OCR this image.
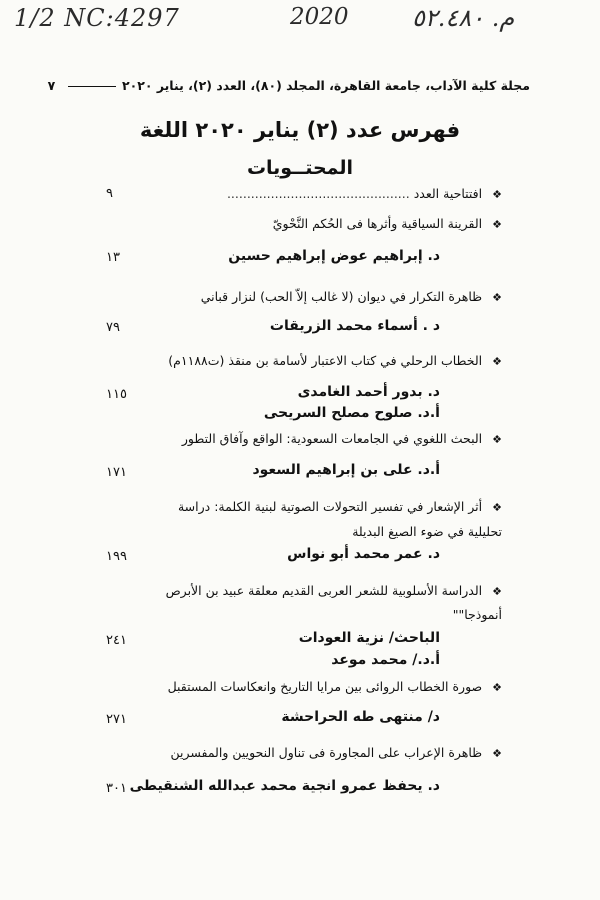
1/2 NC:4297	2020	م. ٥٢.٤٨٠
مجلة كلية الآداب، جامعة القاهرة، المجلد (٨٠)، العدد (٢)، يناير ٢٠٢٠  ٧
فهرس عدد (٢) يناير ٢٠٢٠ اللغة
المحتــويات
❖ افتتاحية العدد ..............................................
٩
❖ القرينة السياقية وأثرها فى الحُكم النَّحْويّ
د. إبراهيم عوض إبراهيم حسين
١٣
❖ ظاهرة التكرار في ديوان (لا غالب إلاّ الحب) لنزار قباني
د . أسماء محمد الزريقات
٧٩
❖ الخطاب الرحلي في كتاب الاعتبار لأسامة بن منقذ (ت١١٨٨م)
د. بدور أحمد الغامدى
أ.د. صلوح مصلح السريحى
١١٥
❖ البحث اللغوي في الجامعات السعودية: الواقع وآفاق التطور
أ.د. على بن إبراهيم السعود
١٧١
❖ أثر الإشعار في تفسير التحولات الصوتية لبنية الكلمة: دراسة
تحليلية في ضوء الصيغ البديلة
د. عمر محمد أبو نواس
١٩٩
❖ الدراسة الأسلوبية للشعر العربى القديم معلقة عبيد بن الأبرص
أنموذجا""
الباحث/ نزية العودات
أ.د./ محمد موعد
٢٤١
❖ صورة الخطاب الروائى بين مرايا التاريخ وانعكاسات المستقبل
د/ منتهى طه الحراحشة
٢٧١
❖ ظاهرة الإعراب على المجاورة فى تناول النحويين والمفسرين
د. يحفظ عمرو انجية محمد عبدالله الشنقيطى
٣٠١
